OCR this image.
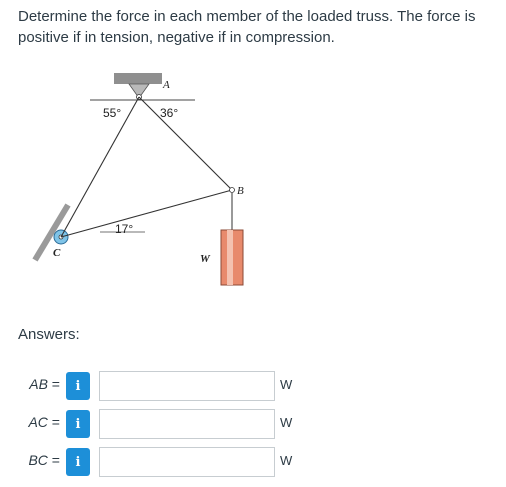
Determine the force in each member of the loaded truss. The force is positive if in tension, negative if in compression.
A
B
C	W
55°	36°
17°
Answers:
AB =	i	W
AC =	i	W
BC =	i	W
